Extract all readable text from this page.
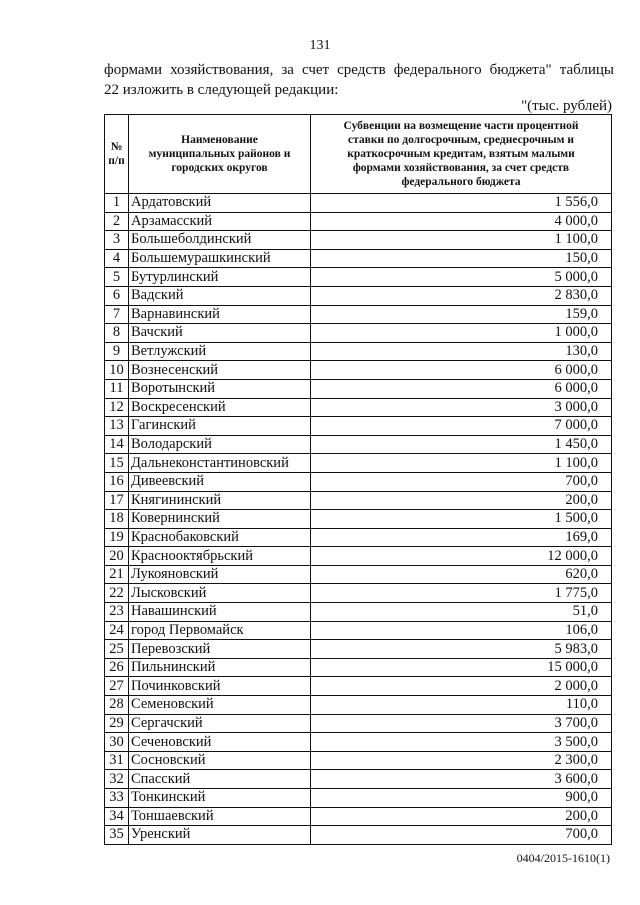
131
формами хозяйствования, за счет средств федерального бюджета" таблицы
22 изложить в следующей редакции:
"(тыс. рублей)
№ п/п	Наименование муниципальных районов и городских округов	Субвенции на возмещение части процентной ставки по долгосрочным, среднесрочным и краткосрочным кредитам, взятым малыми формами хозяйствования, за счет средств федерального бюджета
1	Ардатовский	1 556,0
2	Арзамасский	4 000,0
3	Большеболдинский	1 100,0
4	Большемурашкинский	150,0
5	Бутурлинский	5 000,0
6	Вадский	2 830,0
7	Варнавинский	159,0
8	Вачский	1 000,0
9	Ветлужский	130,0
10	Вознесенский	6 000,0
11	Воротынский	6 000,0
12	Воскресенский	3 000,0
13	Гагинский	7 000,0
14	Володарский	1 450,0
15	Дальнеконстантиновский	1 100,0
16	Дивеевский	700,0
17	Княгининский	200,0
18	Ковернинский	1 500,0
19	Краснобаковский	169,0
20	Краснооктябрьский	12 000,0
21	Лукояновский	620,0
22	Лысковский	1 775,0
23	Навашинский	51,0
24	город Первомайск	106,0
25	Перевозский	5 983,0
26	Пильнинский	15 000,0
27	Починковский	2 000,0
28	Семеновский	110,0
29	Сергачский	3 700,0
30	Сеченовский	3 500,0
31	Сосновский	2 300,0
32	Спасский	3 600,0
33	Тонкинский	900,0
34	Тоншаевский	200,0
35	Уренский	700,0
0404/2015-1610(1)
